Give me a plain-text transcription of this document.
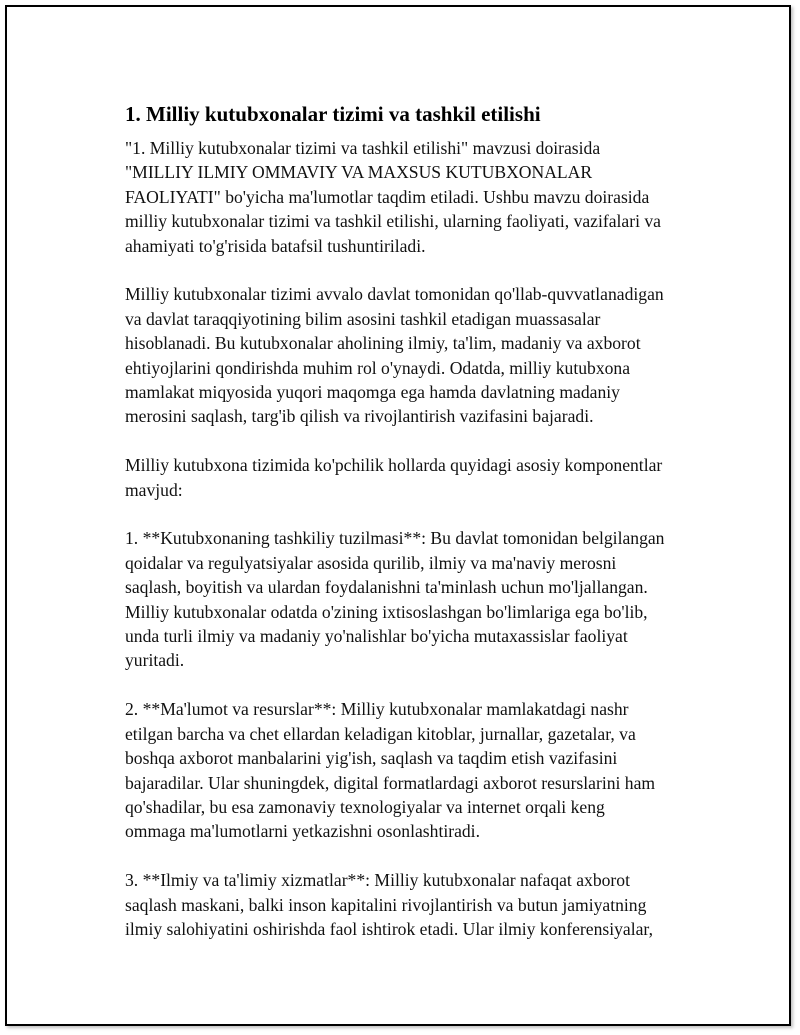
1. Milliy kutubxonalar tizimi va tashkil etilishi
"1. Milliy kutubxonalar tizimi va tashkil etilishi" mavzusi doirasida
"MILLIY ILMIY OMMAVIY VA MAXSUS KUTUBXONALAR
FAOLIYATI" bo'yicha ma'lumotlar taqdim etiladi. Ushbu mavzu doirasida
milliy kutubxonalar tizimi va tashkil etilishi, ularning faoliyati, vazifalari va
ahamiyati to'g'risida batafsil tushuntiriladi.
Milliy kutubxonalar tizimi avvalo davlat tomonidan qo'llab-quvvatlanadigan
va davlat taraqqiyotining bilim asosini tashkil etadigan muassasalar
hisoblanadi. Bu kutubxonalar aholining ilmiy, ta'lim, madaniy va axborot
ehtiyojlarini qondirishda muhim rol o'ynaydi. Odatda, milliy kutubxona
mamlakat miqyosida yuqori maqomga ega hamda davlatning madaniy
merosini saqlash, targ'ib qilish va rivojlantirish vazifasini bajaradi.
Milliy kutubxona tizimida ko'pchilik hollarda quyidagi asosiy komponentlar
mavjud:
1. **Kutubxonaning tashkiliy tuzilmasi**: Bu davlat tomonidan belgilangan
qoidalar va regulyatsiyalar asosida qurilib, ilmiy va ma'naviy merosni
saqlash, boyitish va ulardan foydalanishni ta'minlash uchun mo'ljallangan.
Milliy kutubxonalar odatda o'zining ixtisoslashgan bo'limlariga ega bo'lib,
unda turli ilmiy va madaniy yo'nalishlar bo'yicha mutaxassislar faoliyat
yuritadi.
2. **Ma'lumot va resurslar**: Milliy kutubxonalar mamlakatdagi nashr
etilgan barcha va chet ellardan keladigan kitoblar, jurnallar, gazetalar, va
boshqa axborot manbalarini yig'ish, saqlash va taqdim etish vazifasini
bajaradilar. Ular shuningdek, digital formatlardagi axborot resurslarini ham
qo'shadilar, bu esa zamonaviy texnologiyalar va internet orqali keng
ommaga ma'lumotlarni yetkazishni osonlashtiradi.
3. **Ilmiy va ta'limiy xizmatlar**: Milliy kutubxonalar nafaqat axborot
saqlash maskani, balki inson kapitalini rivojlantirish va butun jamiyatning
ilmiy salohiyatini oshirishda faol ishtirok etadi. Ular ilmiy konferensiyalar,
